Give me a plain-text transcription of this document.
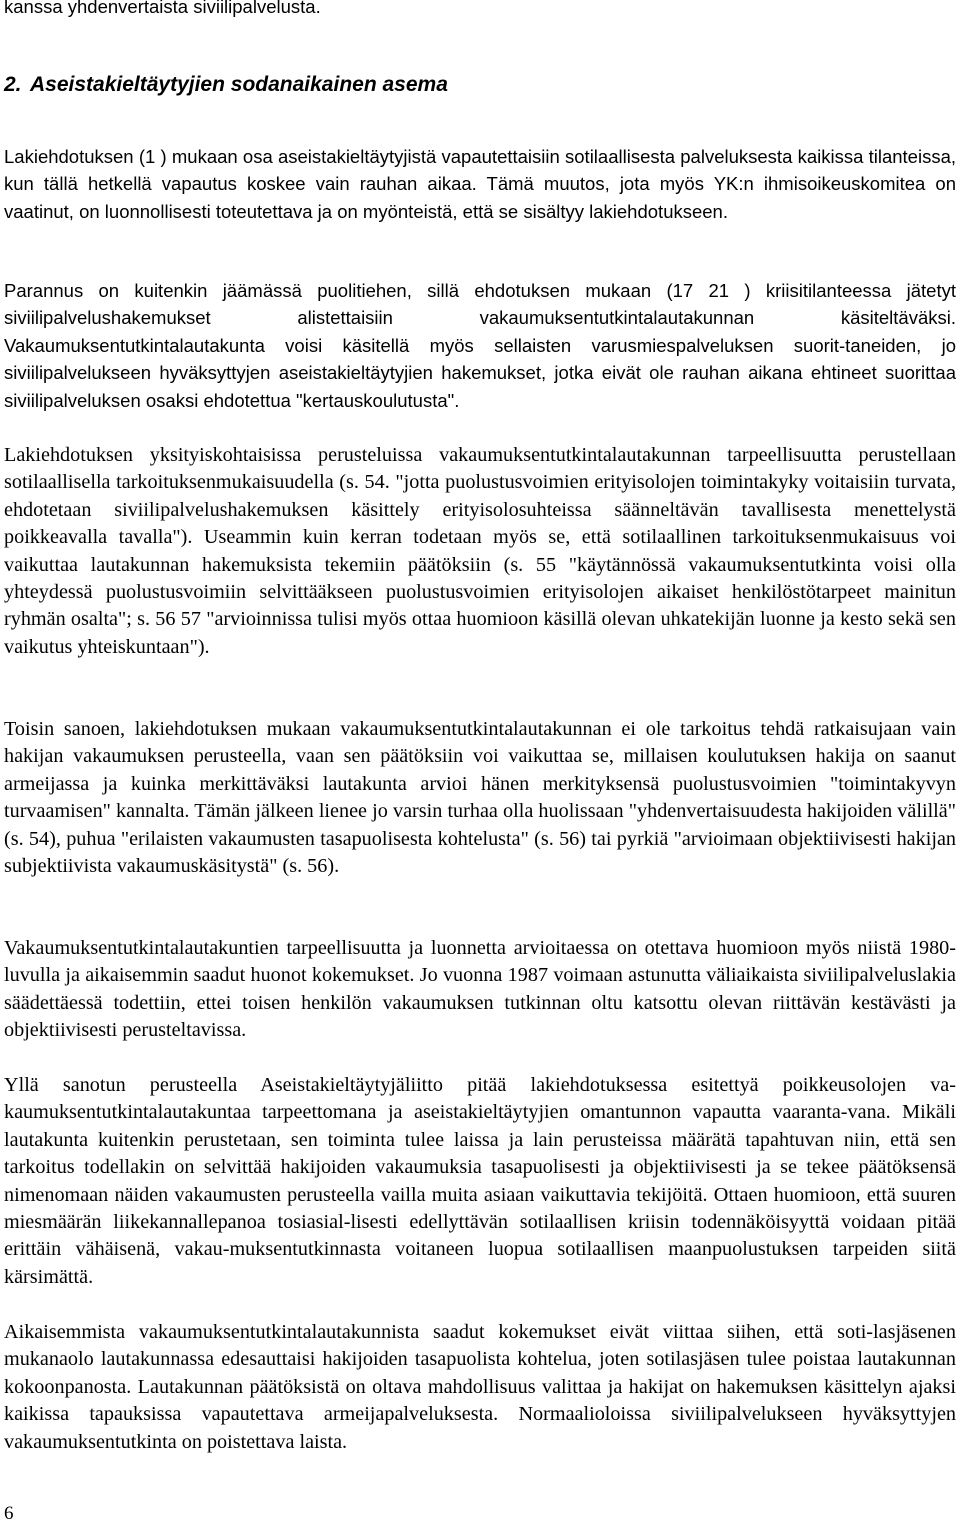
kanssa yhdenvertaista siviilipalvelusta.
2. Aseistakieltäytyjien sodanaikainen asema
Lakiehdotuksen (1 ) mukaan osa aseistakieltäytyjistä vapautettaisiin sotilaallisesta palveluksesta kaikissa tilanteissa, kun tällä hetkellä vapautus koskee vain rauhan aikaa. Tämä muutos, jota myös YK:n ihmisoikeuskomitea on vaatinut, on luonnollisesti toteutettava ja on myönteistä, että se sisältyy lakiehdotukseen.
Parannus on kuitenkin jäämässä puolitiehen, sillä ehdotuksen mukaan (17 21 ) kriisitilanteessa jätetyt siviilipalvelushakemukset alistettaisiin vakaumuksentutkintalautakunnan käsiteltäväksi. Vakaumuksentutkintalautakunta voisi käsitellä myös sellaisten varusmiespalveluksen suorit-taneiden, jo siviilipalvelukseen hyväksyttyjen aseistakieltäytyjien hakemukset, jotka eivät ole rauhan aikana ehtineet suorittaa siviilipalveluksen osaksi ehdotettua "kertauskoulutusta".
Lakiehdotuksen yksityiskohtaisissa perusteluissa vakaumuksentutkintalautakunnan tarpeellisuutta perustellaan sotilaallisella tarkoituksenmukaisuudella (s. 54. "jotta puolustusvoimien erityisolojen toimintakyky voitaisiin turvata, ehdotetaan siviilipalvelushakemuksen käsittely erityisolosuhteissa säänneltävän tavallisesta menettelystä poikkeavalla tavalla"). Useammin kuin kerran todetaan myös se, että sotilaallinen tarkoituksenmukaisuus voi vaikuttaa lautakunnan hakemuksista tekemiin päätöksiin (s. 55 "käytännössä vakaumuksentutkinta voisi olla yhteydessä puolustusvoimiin selvittääkseen puolustusvoimien erityisolojen aikaiset henkilöstötarpeet mainitun ryhmän osalta"; s. 56 57 "arvioinnissa tulisi myös ottaa huomioon käsillä olevan uhkatekijän luonne ja kesto sekä sen vaikutus yhteiskuntaan").
Toisin sanoen, lakiehdotuksen mukaan vakaumuksentutkintalautakunnan ei ole tarkoitus tehdä ratkaisujaan vain hakijan vakaumuksen perusteella, vaan sen päätöksiin voi vaikuttaa se, millaisen koulutuksen hakija on saanut armeijassa ja kuinka merkittäväksi lautakunta arvioi hänen merkityksensä puolustusvoimien "toimintakyvyn turvaamisen" kannalta. Tämän jälkeen lienee jo varsin turhaa olla huolissaan "yhdenvertaisuudesta hakijoiden välillä" (s. 54), puhua "erilaisten vakaumusten tasapuolisesta kohtelusta" (s. 56) tai pyrkiä "arvioimaan objektiivisesti hakijan subjektiivista vakaumuskäsitystä" (s. 56).
Vakaumuksentutkintalautakuntien tarpeellisuutta ja luonnetta arvioitaessa on otettava huomioon myös niistä 1980-luvulla ja aikaisemmin saadut huonot kokemukset. Jo vuonna 1987 voimaan astunutta väliaikaista siviilipalveluslakia säädettäessä todettiin, ettei toisen henkilön vakaumuksen tutkinnan oltu katsottu olevan riittävän kestävästi ja objektiivisesti perusteltavissa.
Yllä sanotun perusteella Aseistakieltäytyjäliitto pitää lakiehdotuksessa esitettyä poikkeusolojen va-kaumuksentutkintalautakuntaa tarpeettomana ja aseistakieltäytyjien omantunnon vapautta vaaranta-vana. Mikäli lautakunta kuitenkin perustetaan, sen toiminta tulee laissa ja lain perusteissa määrätä tapahtuvan niin, että sen tarkoitus todellakin on selvittää hakijoiden vakaumuksia tasapuolisesti ja objektiivisesti ja se tekee päätöksensä nimenomaan näiden vakaumusten perusteella vailla muita asiaan vaikuttavia tekijöitä. Ottaen huomioon, että suuren miesmäärän liikekannallepanoa tosiasial-lisesti edellyttävän sotilaallisen kriisin todennäköisyyttä voidaan pitää erittäin vähäisenä, vakau-muksentutkinnasta voitaneen luopua sotilaallisen maanpuolustuksen tarpeiden siitä kärsimättä.
Aikaisemmista vakaumuksentutkintalautakunnista saadut kokemukset eivät viittaa siihen, että soti-lasjäsenen mukanaolo lautakunnassa edesauttaisi hakijoiden tasapuolista kohtelua, joten sotilasjäsen tulee poistaa lautakunnan kokoonpanosta. Lautakunnan päätöksistä on oltava mahdollisuus valittaa ja hakijat on hakemuksen käsittelyn ajaksi kaikissa tapauksissa vapautettava armeijapalveluksesta. Normaalioloissa siviilipalvelukseen hyväksyttyjen vakaumuksentutkinta on poistettava laista.
6
